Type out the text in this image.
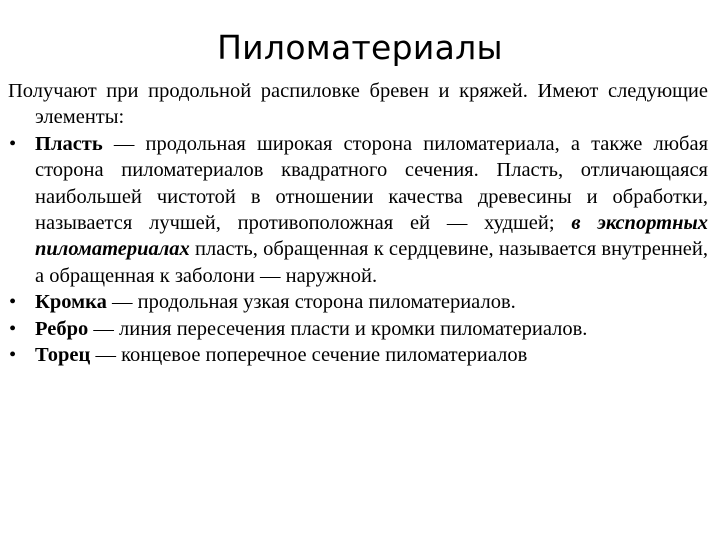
Пиломатериалы
Получают при продольной распиловке бревен и кряжей. Имеют следующие элементы:
• Пласть — продольная широкая сторона пиломатериала, а также любая сторона пиломатериалов квадратного сечения. Пласть, отличающаяся наибольшей чистотой в отношении качества древесины и обработки, называется лучшей, противоположная ей — худшей; в экспортных пиломатериалах пласть, обращенная к сердцевине, называется внутренней, а обращенная к заболони — наружной.
• Кромка — продольная узкая сторона пиломатериалов.
• Ребро — линия пересечения пласти и кромки пиломатериалов.
• Торец — концевое поперечное сечение пиломатериалов
